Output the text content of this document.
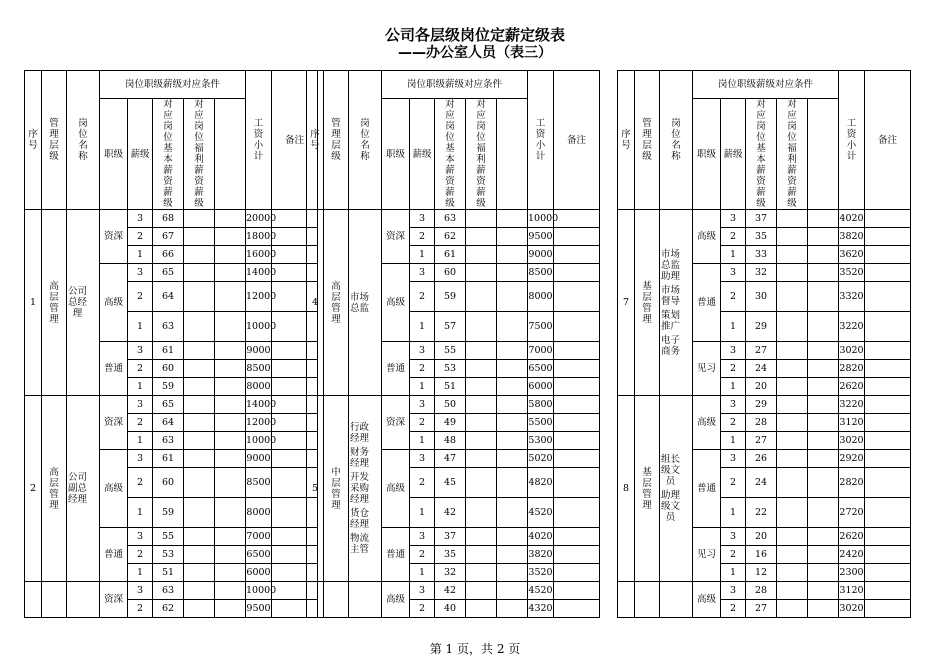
公司各层级岗位定薪定级表
——办公室人员（表三）
序号	管理层级	岗位名称	岗位职级薪级对应条件					工资小计	备注
			职级	薪级	对应岗位基本薪资薪级	对应岗位福利薪资薪级			
1	高层管理	公司总经理	资深	3	68			20000	
				2	67			18000	
				1	66			16000	
			高级	3	65			14000	
				2	64			12000	
				1	63			10000	
			普通	3	61			9000	
				2	60			8500	
				1	59			8000	
2	高层管理	公司副总经理	资深	3	65			14000	
				2	64			12000	
				1	63			10000	
			高级	3	61			9000	
				2	60			8500	
				1	59			8000	
			普通	3	55			7000	
				2	53			6500	
				1	51			6000	
			资深	3	63			10000	
				2	62			9500	
序号	管理层级	岗位名称	岗位职级薪级对应条件					工资小计	备注
			职级	薪级	对应岗位基本薪资薪级	对应岗位福利薪资薪级			
4	高层管理	市场总监	资深	3	63			10000	
				2	62			9500	
				1	61			9000	
			高级	3	60			8500	
				2	59			8000	
				1	57			7500	
			普通	3	55			7000	
				2	53			6500	
				1	51			6000	
5	中层管理	行政经理
财务经理
开发采购经理
货仓经理
物流主管	资深	3	50			5800	
				2	49			5500	
				1	48			5300	
			高级	3	47			5020	
				2	45			4820	
				1	42			4520	
			普通	3	37			4020	
				2	35			3820	
				1	32			3520	
			高级	3	42			4520	
				2	40			4320	
序号	管理层级	岗位名称	岗位职级薪级对应条件					工资小计	备注
			职级	薪级	对应岗位基本薪资薪级	对应岗位福利薪资薪级			
7	基层管理	市场总监助理
市场督导
策划推广
电子商务	高级	3	37			4020	
				2	35			3820	
				1	33			3620	
			普通	3	32			3520	
				2	30			3320	
				1	29			3220	
			见习	3	27			3020	
				2	24			2820	
				1	20			2620	
8	基层管理	组长级文员
助理级文员	高级	3	29			3220	
				2	28			3120	
				1	27			3020	
			普通	3	26			2920	
				2	24			2820	
				1	22			2720	
			见习	3	20			2620	
				2	16			2420	
				1	12			2300	
			高级	3	28			3120	
				2	27			3020	
第 1 页，共 2 页
